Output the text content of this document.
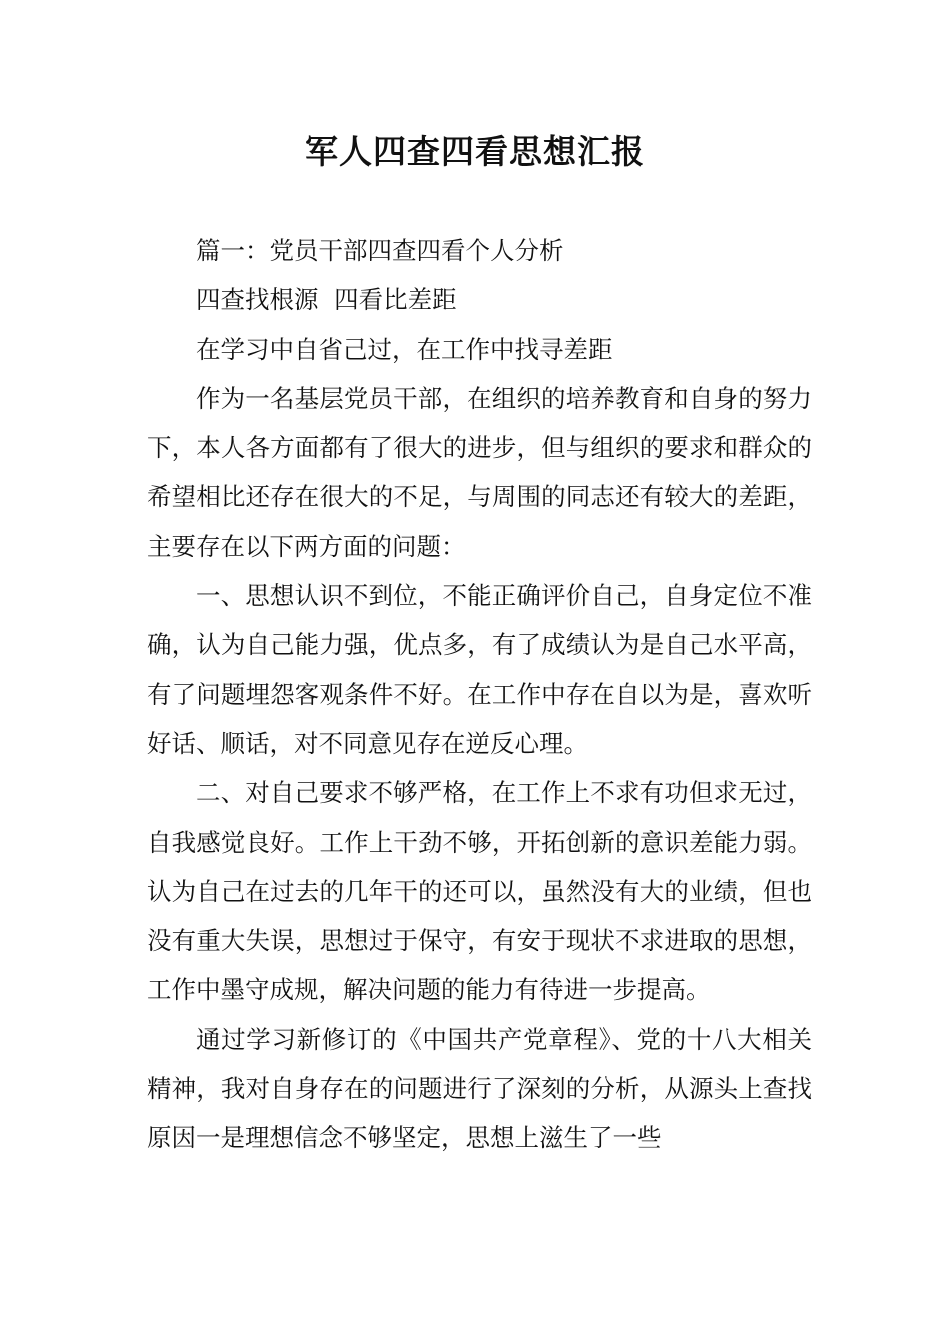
军人四查四看思想汇报

篇一：党员干部四查四看个人分析

四查找根源  四看比差距

在学习中自省己过，在工作中找寻差距

作为一名基层党员干部，在组织的培养教育和自身的努力下，本人各方面都有了很大的进步，但与组织的要求和群众的希望相比还存在很大的不足，与周围的同志还有较大的差距，主要存在以下两方面的问题：

一、思想认识不到位，不能正确评价自己，自身定位不准确，认为自己能力强，优点多，有了成绩认为是自己水平高，有了问题埋怨客观条件不好。在工作中存在自以为是，喜欢听好话、顺话，对不同意见存在逆反心理。

二、对自己要求不够严格，在工作上不求有功但求无过，自我感觉良好。工作上干劲不够，开拓创新的意识差能力弱。认为自己在过去的几年干的还可以，虽然没有大的业绩，但也没有重大失误，思想过于保守，有安于现状不求进取的思想，工作中墨守成规，解决问题的能力有待进一步提高。

通过学习新修订的《中国共产党章程》、党的十八大相关精神，我对自身存在的问题进行了深刻的分析，从源头上查找原因一是理想信念不够坚定，思想上滋生了一些
